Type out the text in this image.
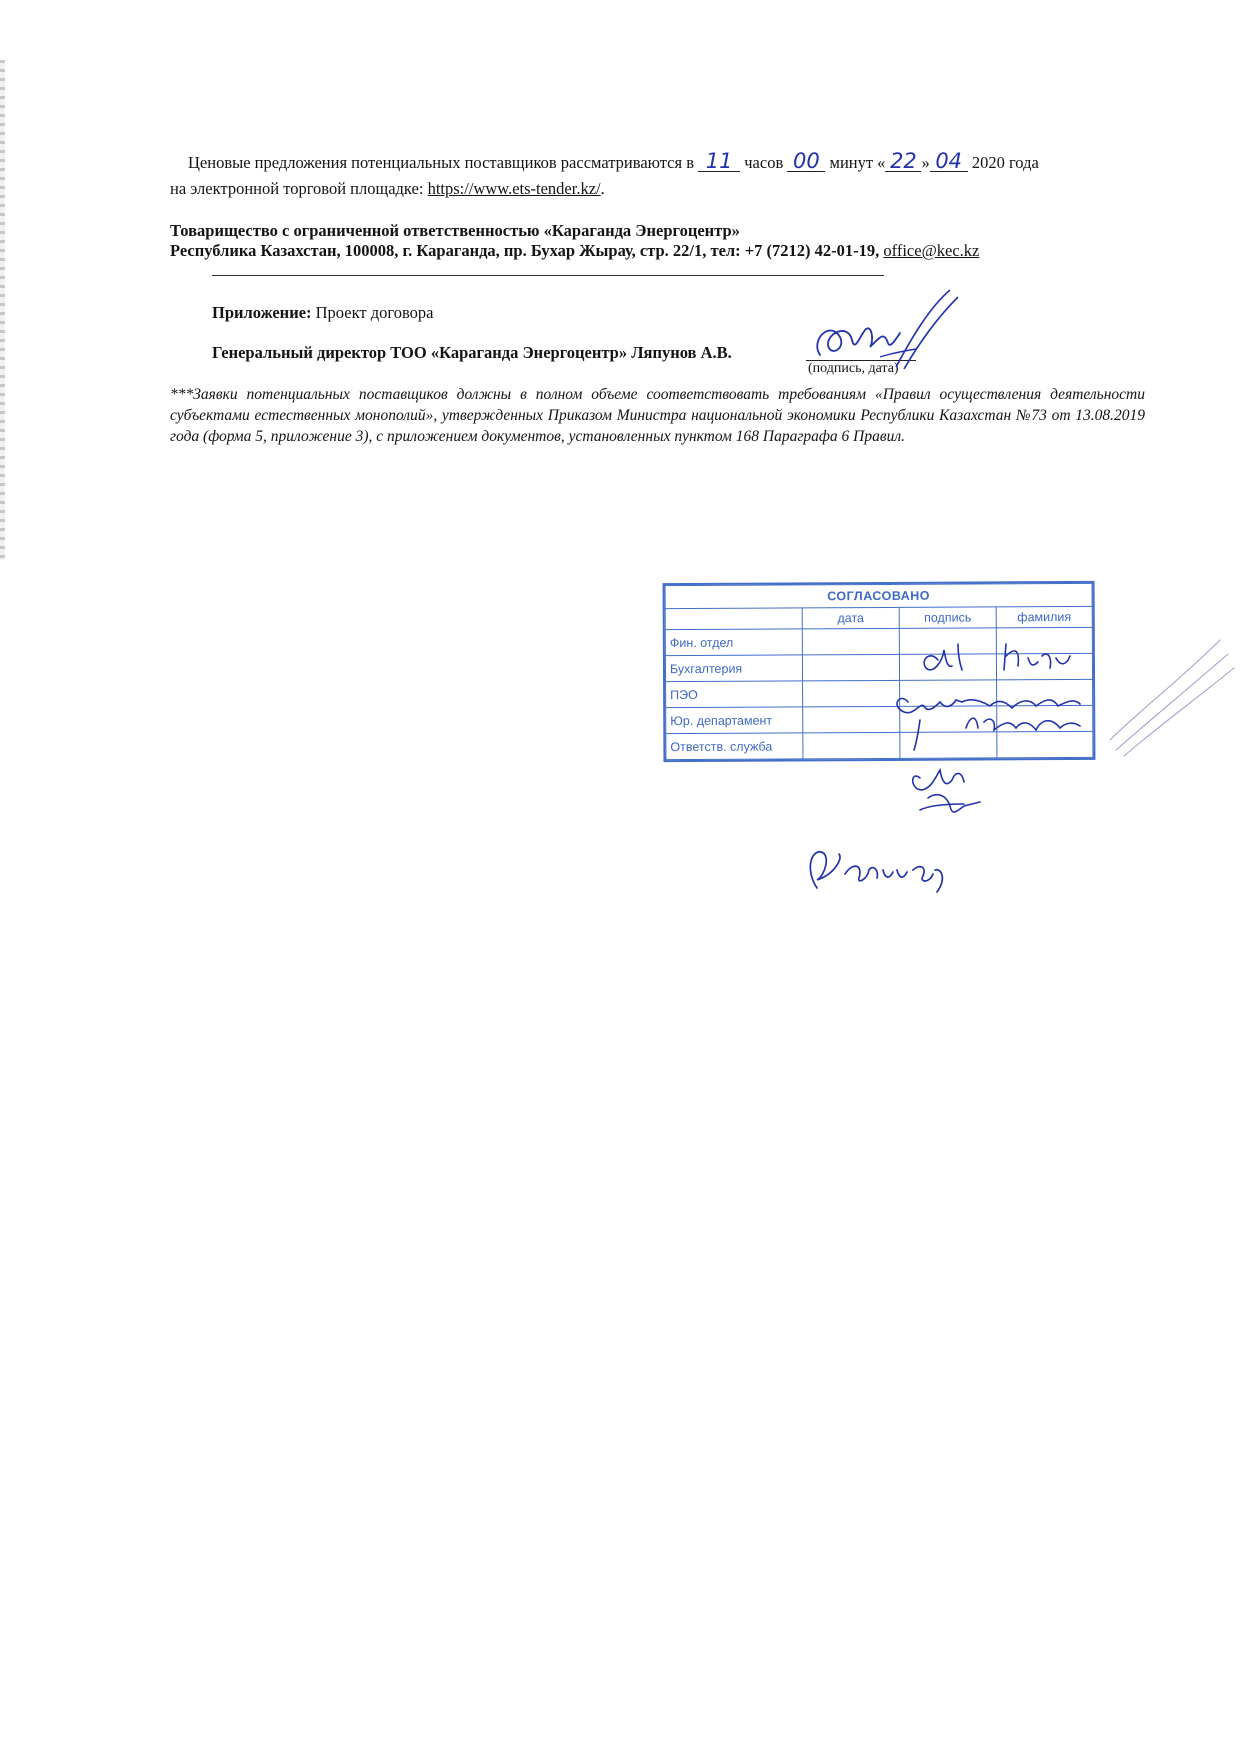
Ценовые предложения потенциальных поставщиков рассматриваются в 11 часов 00 минут « 22 » 04 2020 года
на электронной торговой площадке: https://www.ets-tender.kz/.
Товарищество с ограниченной ответственностью «Караганда Энергоцентр»
Республика Казахстан, 100008, г. Караганда, пр. Бухар Жырау, стр. 22/1, тел: +7 (7212) 42-01-19, office@kec.kz
Приложение: Проект договора
Генеральный директор ТОО «Караганда Энергоцентр» Ляпунов А.В.
(подпись, дата)
***Заявки потенциальных поставщиков должны в полном объеме соответствовать требованиям «Правил осуществления деятельности субъектами естественных монополий», утвержденных Приказом Министра национальной экономики Республики Казахстан №73 от 13.08.2019 года (форма 5, приложение 3), с приложением документов, установленных пунктом 168 Параграфа 6 Правил.
СОГЛАСОВАНО			
	дата	подпись	фамилия
Фин. отдел			
Бухгалтерия			
ПЭО			
Юр. департамент			
Ответств. служба			
